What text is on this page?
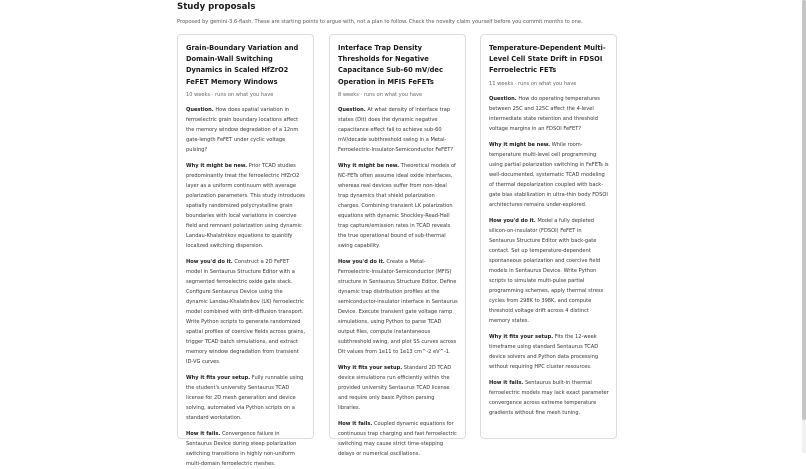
Study proposals
Proposed by gemini-3.6-flash. These are starting points to argue with, not a plan to follow. Check the novelty claim yourself before you commit months to one.
Grain-Boundary Variation and Domain-Wall Switching Dynamics in Scaled HfZrO2 FeFET Memory Windows
10 weeks · runs on what you have
Question. How does spatial variation in ferroelectric grain boundary locations affect the memory window degradation of a 12nm gate-length FeFET under cyclic voltage pulsing?
Why it might be new. Prior TCAD studies predominantly treat the ferroelectric HfZrO2 layer as a uniform continuum with average polarization parameters. This study introduces spatially randomized polycrystalline grain boundaries with local variations in coercive field and remnant polarization using dynamic Landau-Khalatnikov equations to quantify localized switching dispersion.
How you'd do it. Construct a 2D FeFET model in Sentaurus Structure Editor with a segmented ferroelectric oxide gate stack. Configure Sentaurus Device using the dynamic Landau-Khalatnikov (LK) ferroelectric model combined with drift-diffusion transport. Write Python scripts to generate randomized spatial profiles of coercive fields across grains, trigger TCAD batch simulations, and extract memory window degradation from transient ID-VG curves.
Why it fits your setup. Fully runnable using the student's university Sentaurus TCAD license for 2D mesh generation and device solving, automated via Python scripts on a standard workstation.
How it fails. Convergence failure in Sentaurus Device during steep polarization switching transitions in highly non-uniform multi-domain ferroelectric meshes.
Interface Trap Density Thresholds for Negative Capacitance Sub-60 mV/dec Operation in MFIS FeFETs
8 weeks · runs on what you have
Question. At what density of interface trap states (Dit) does the dynamic negative capacitance effect fail to achieve sub-60 mV/decade subthreshold swing in a Metal-Ferroelectric-Insulator-Semiconductor FeFET?
Why it might be new. Theoretical models of NC-FETs often assume ideal oxide interfaces, whereas real devices suffer from non-ideal trap dynamics that shield polarization charges. Combining transient LK polarization equations with dynamic Shockley-Read-Hall trap capture/emission rates in TCAD reveals the true operational bound of sub-thermal swing capability.
How you'd do it. Create a Metal-Ferroelectric-Insulator-Semiconductor (MFIS) structure in Sentaurus Structure Editor. Define dynamic trap distribution profiles at the semiconductor-insulator interface in Sentaurus Device. Execute transient gate voltage ramp simulations, using Python to parse TCAD output files, compute instantaneous subthreshold swing, and plot SS curves across Dit values from 1e11 to 1e13 cm^-2 eV^-1.
Why it fits your setup. Standard 2D TCAD device simulations run efficiently within the provided university Sentaurus TCAD license and require only basic Python parsing libraries.
How it fails. Coupled dynamic equations for continuous trap charging and fast ferroelectric switching may cause strict time-stepping delays or numerical oscillations.
Temperature-Dependent Multi-Level Cell State Drift in FDSOI Ferroelectric FETs
11 weeks · runs on what you have
Question. How do operating temperatures between 25C and 125C affect the 4-level intermediate state retention and threshold voltage margins in an FDSOI FeFET?
Why it might be new. While room-temperature multi-level cell programming using partial polarization switching in FeFETs is well-documented, systematic TCAD modeling of thermal depolarization coupled with back-gate bias stabilization in ultra-thin body FDSOI architectures remains under-explored.
How you'd do it. Model a fully depleted silicon-on-insulator (FDSOI) FeFET in Sentaurus Structure Editor with back-gate contact. Set up temperature-dependent spontaneous polarization and coercive field models in Sentaurus Device. Write Python scripts to simulate multi-pulse partial programming schemes, apply thermal stress cycles from 298K to 398K, and compute threshold voltage drift across 4 distinct memory states.
Why it fits your setup. Fits the 12-week timeframe using standard Sentaurus TCAD device solvers and Python data processing without requiring HPC cluster resources.
How it fails. Sentaurus built-in thermal ferroelectric models may lack exact parameter convergence across extreme temperature gradients without fine mesh tuning.
